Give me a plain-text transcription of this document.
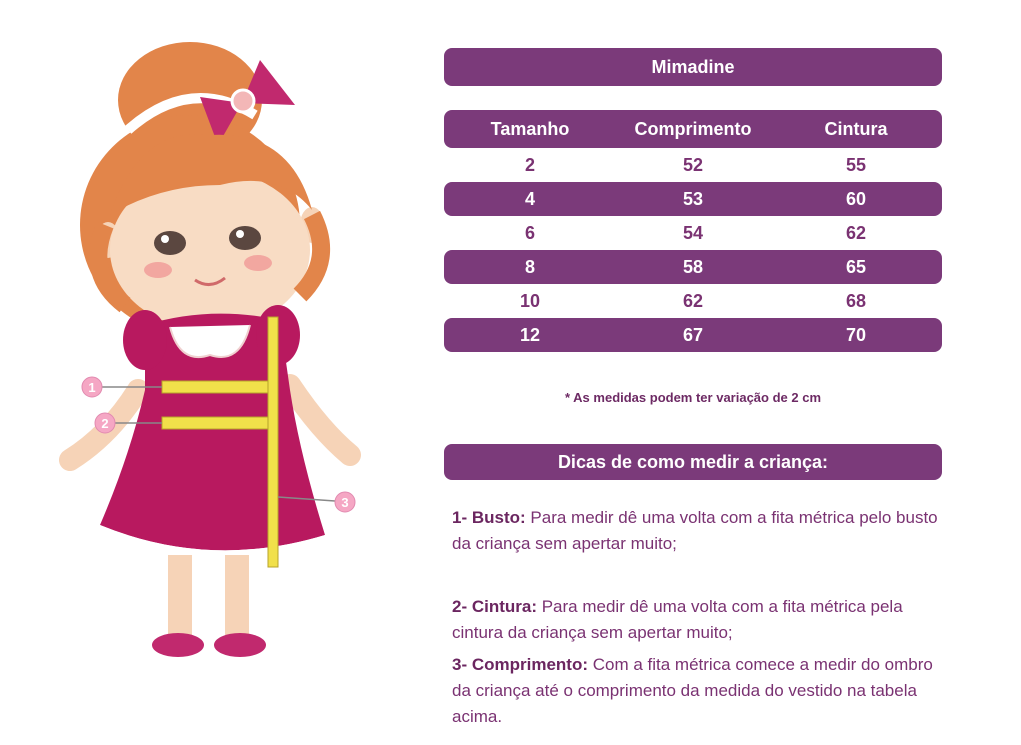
1
2
3
Mimadine
Tamanho	Comprimento	Cintura
2	52	55
4	53	60
6	54	62
8	58	65
10	62	68
12	67	70
* As medidas podem ter variação de 2 cm
Dicas de como medir a criança:
1- Busto: Para medir dê uma volta com a fita métrica pelo busto da criança sem apertar muito;
2- Cintura: Para medir dê uma volta com a fita métrica pela cintura da criança sem apertar muito;
3- Comprimento: Com a fita métrica comece a medir do ombro da criança até o comprimento da medida do vestido na tabela acima.
